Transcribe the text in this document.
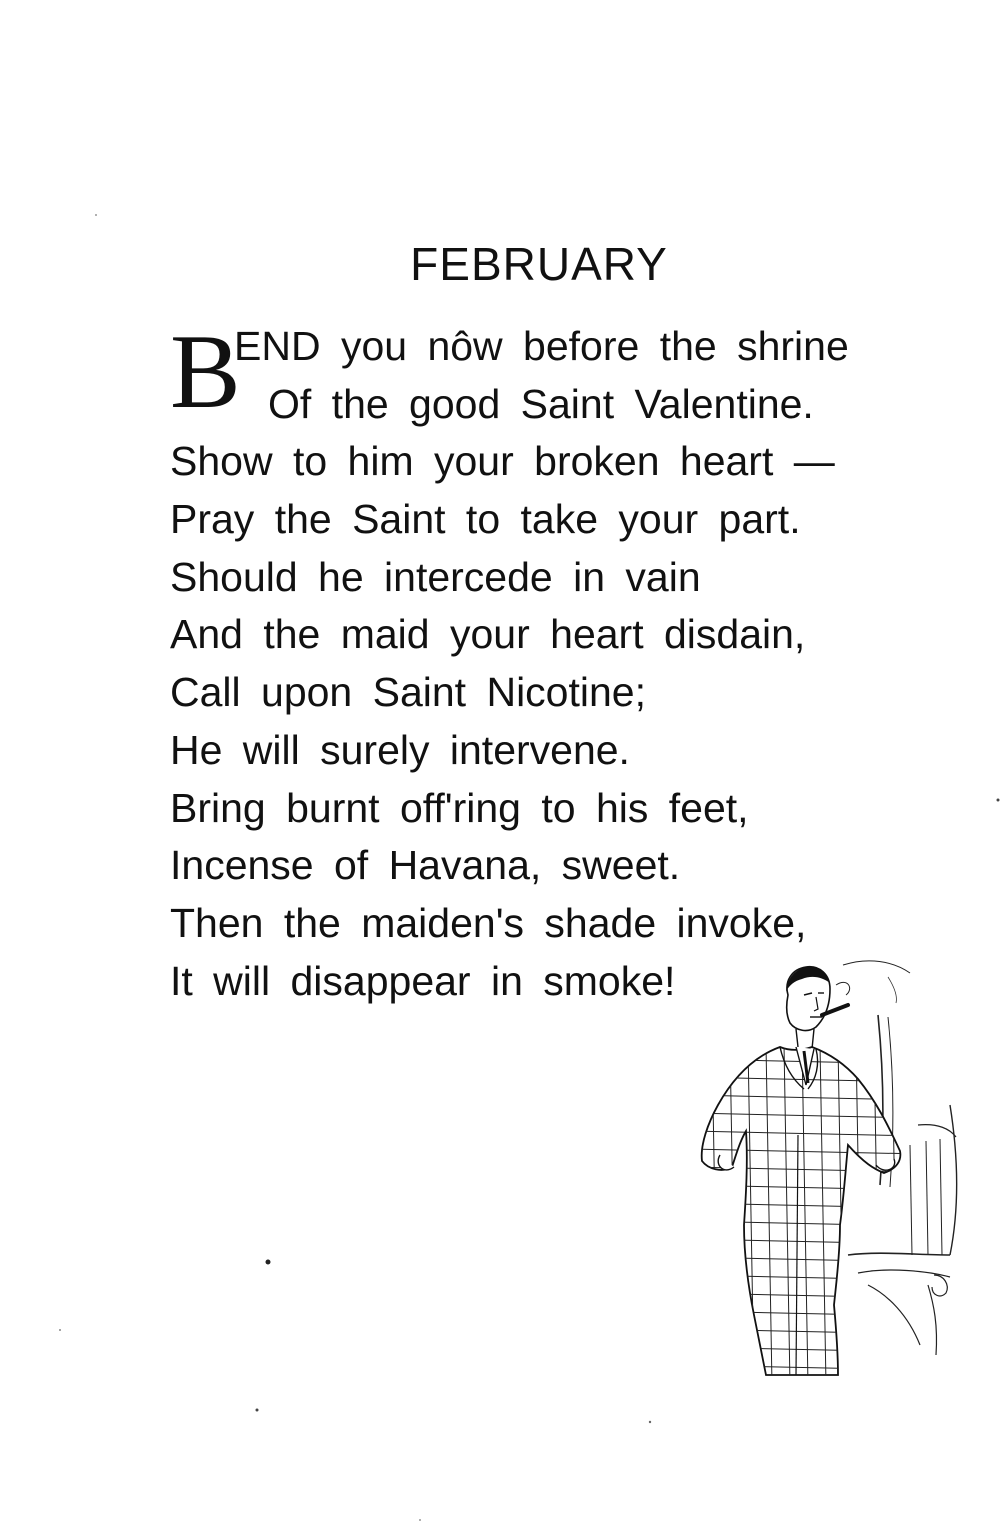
FEBRUARY
B
END you nôw before the shrine
Of the good Saint Valentine.
Show to him your broken heart —
Pray the Saint to take your part.
Should he intercede in vain
And the maid your heart disdain,
Call upon Saint Nicotine;
He will surely intervene.
Bring burnt off'ring to his feet,
Incense of Havana, sweet.
Then the maiden's shade invoke,
It will disappear in smoke!
